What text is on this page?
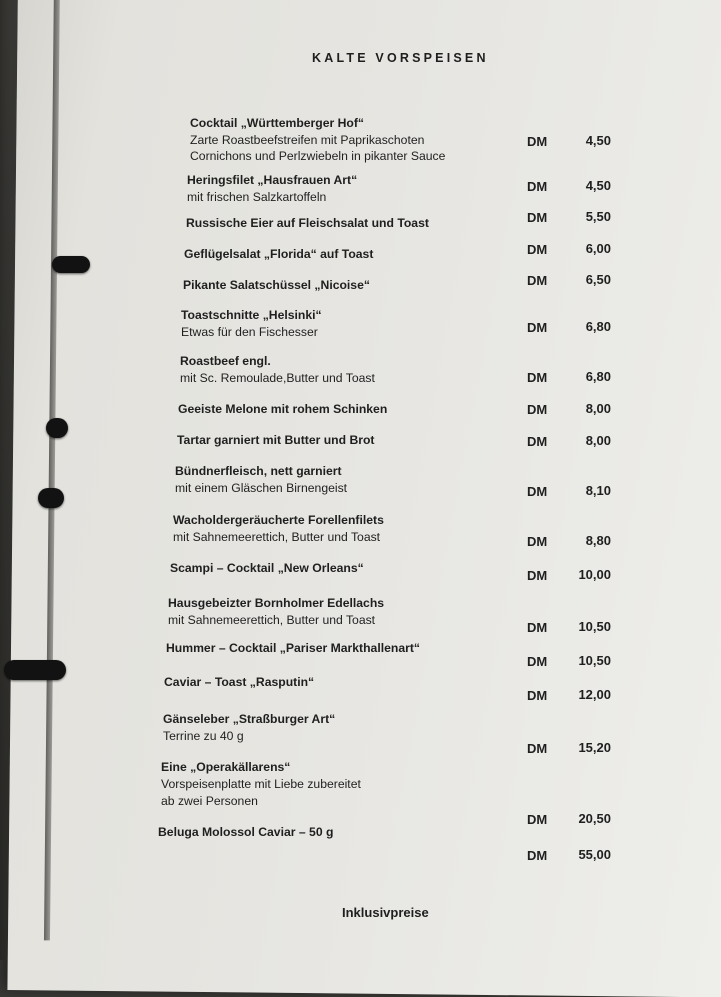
KALTE VORSPEISEN
Cocktail „Württemberger Hof“
Zarte Roastbeefstreifen mit Paprikaschoten
Cornichons und Perlzwiebeln in pikanter Sauce
DM	4,50
Heringsfilet „Hausfrauen Art“
mit frischen Salzkartoffeln
DM	4,50
Russische Eier auf Fleischsalat und Toast	DM	5,50
Geflügelsalat „Florida“ auf Toast	DM	6,00
Pikante Salatschüssel „Nicoise“	DM	6,50
Toastschnitte „Helsinki“
Etwas für den Fischesser	DM	6,80
Roastbeef engl.
mit Sc. Remoulade,Butter und Toast	DM	6,80
Geeiste Melone mit rohem Schinken	DM	8,00
Tartar garniert mit Butter und Brot	DM	8,00
Bündnerfleisch, nett garniert
mit einem Gläschen Birnengeist	DM	8,10
Wacholdergeräucherte Forellenfilets
mit Sahnemeerettich, Butter und Toast	DM	8,80
Scampi – Cocktail „New Orleans“	DM	10,00
Hausgebeizter Bornholmer Edellachs
mit Sahnemeerettich, Butter und Toast	DM	10,50
Hummer – Cocktail „Pariser Markthallenart“
DM	10,50
Caviar – Toast „Rasputin“
DM	12,00
Gänseleber „Straßburger Art“
Terrine zu 40 g
DM	15,20
Eine „Operakällarens“
Vorspeisenplatte mit Liebe zubereitet
ab zwei Personen
DM	20,50
Beluga Molossol Caviar – 50 g
DM	55,00
Inklusivpreise
